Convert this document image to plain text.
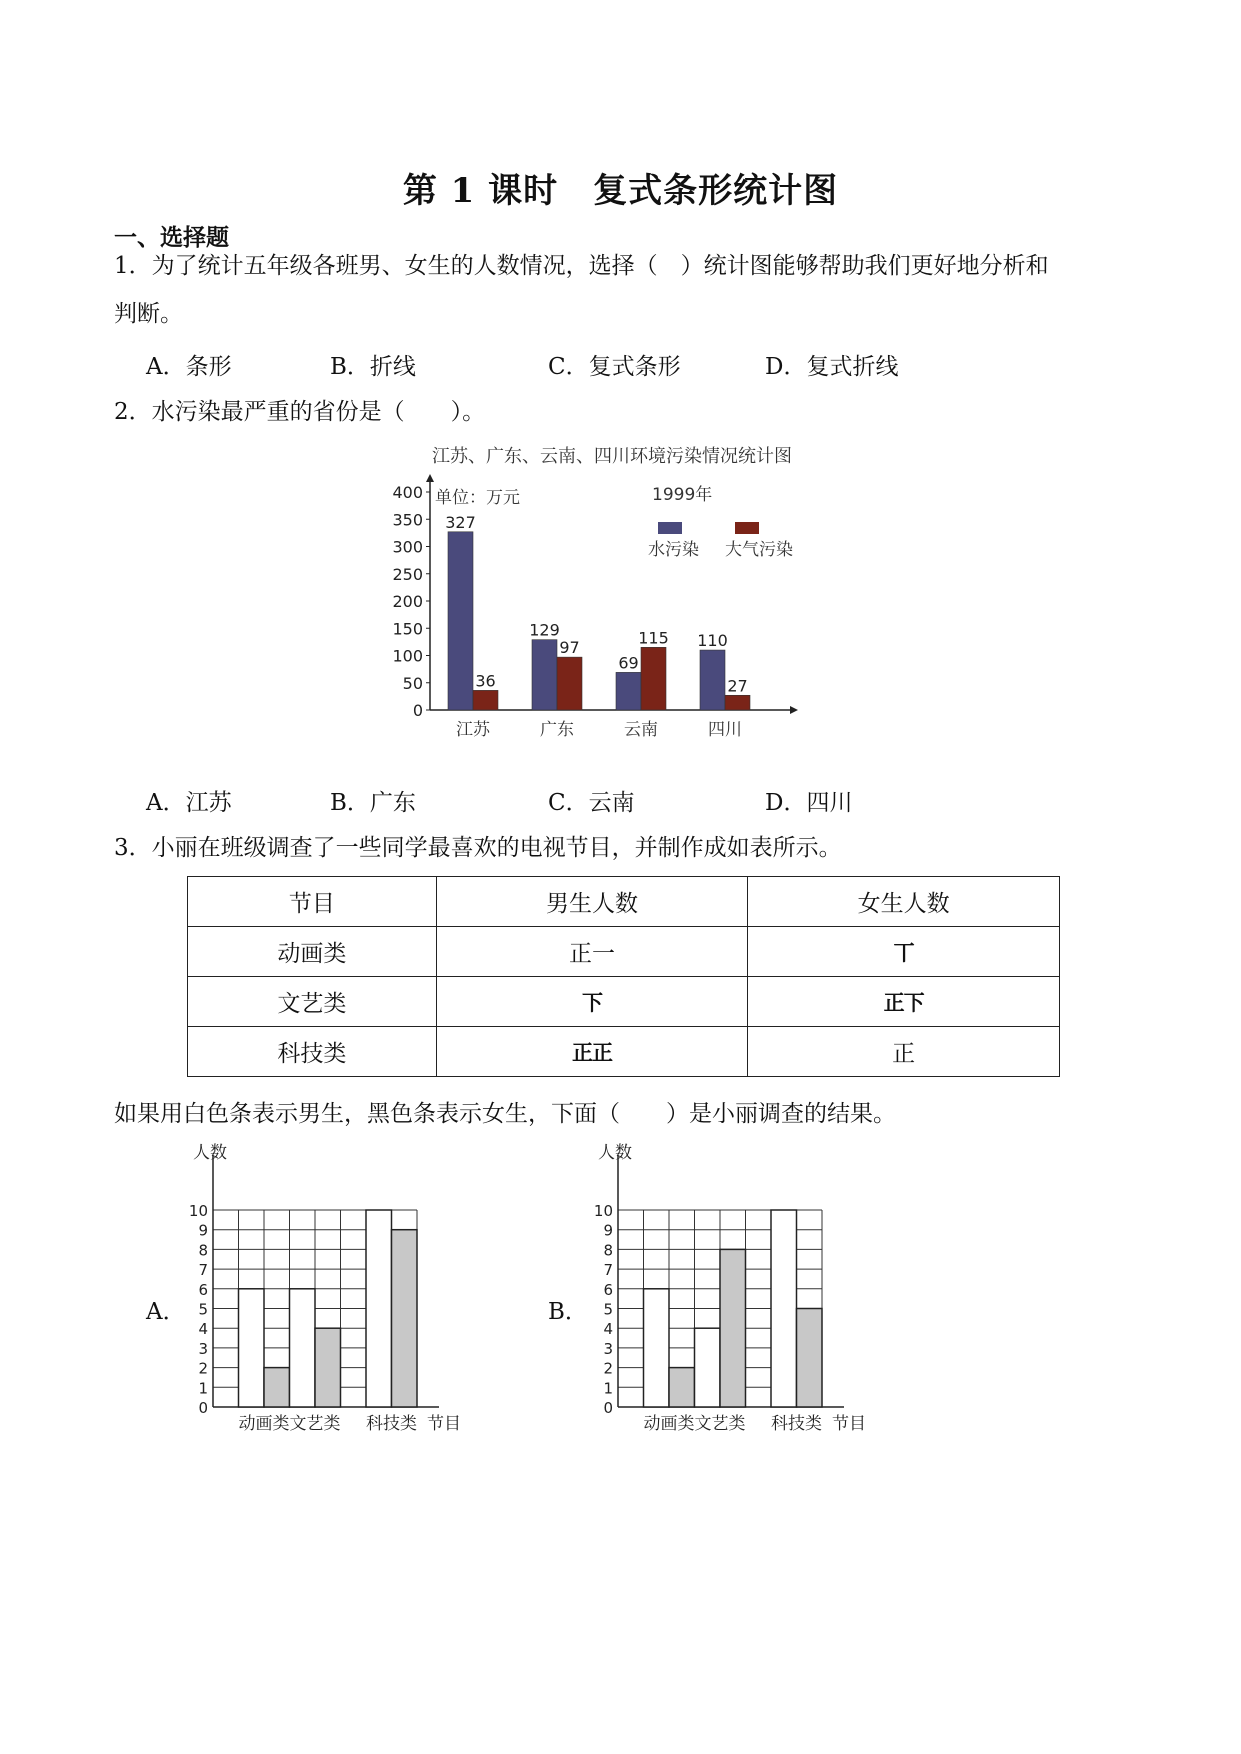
第 1 课时　复式条形统计图
一、选择题
1．为了统计五年级各班男、女生的人数情况，选择（　）统计图能够帮助我们更好地分析和
判断。
A．条形	B．折线	C．复式条形	D．复式折线
2．水污染最严重的省份是（　　）。
江苏、广东、云南、四川环境污染情况统计图
0
50
100
150
200
250
300
350
400 单位：万元	1999年
水污染 大气污染
327
36
江苏
129
97
广东
69
115
云南
110
27
四川
A．江苏	B．广东	C．云南	D．四川
3．小丽在班级调查了一些同学最喜欢的电视节目，并制作成如表所示。
节目	男生人数	女生人数
动画类	正一	丅
文艺类	下	正下
科技类	正正	正
如果用白色条表示男生，黑色条表示女生，下面（　　）是小丽调查的结果。
A．
人数
0
1
2
3
4
5
6
7
8
9
10
动画类 文艺类 科技类 节目
B．
人数
0
1
2
3
4
5
6
7
8
9
10
动画类 文艺类 科技类 节目
